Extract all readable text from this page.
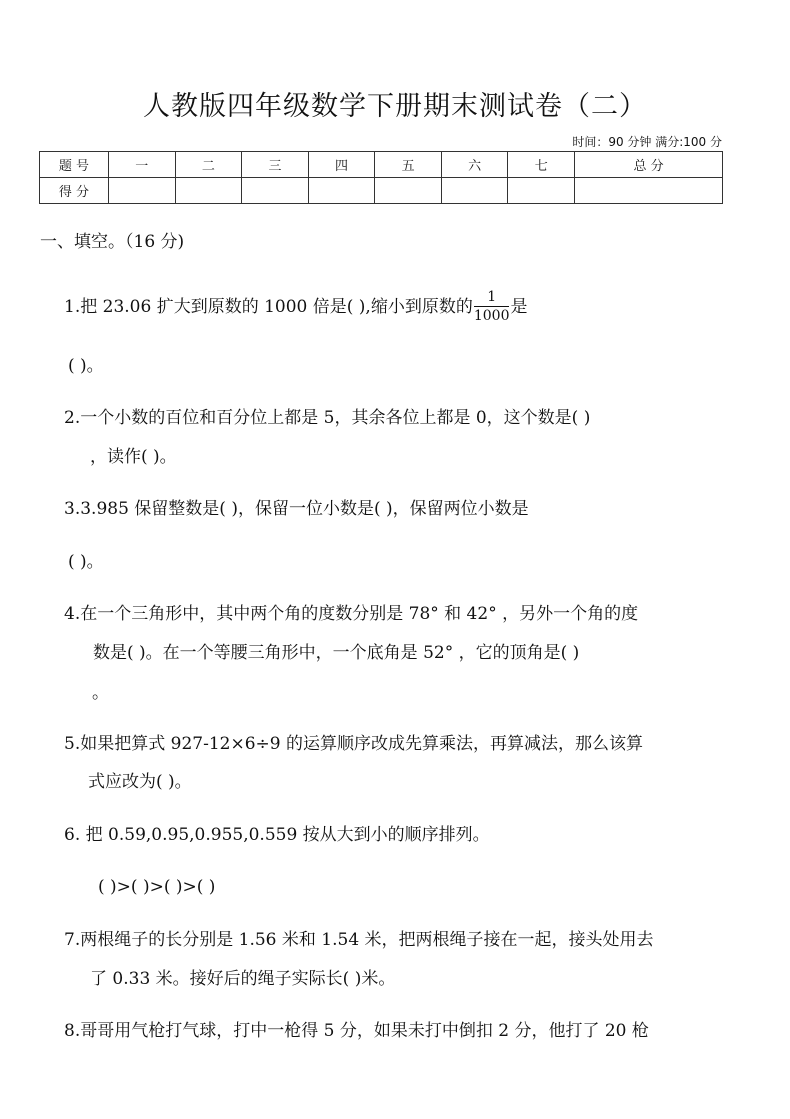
人教版四年级数学下册期末测试卷（二）
时间：90 分钟 满分:100 分
题 号	一	二	三	四	五	六	七	总 分
得 分								
一、填空。（16 分)
1.把 23.06 扩大到原数的 1000 倍是( ),缩小到原数的 $\frac{1}{1000}$ 是
( )。
2.一个小数的百位和百分位上都是 5，其余各位上都是 0，这个数是( )
，读作( )。
3.3.985 保留整数是( )，保留一位小数是( )，保留两位小数是
( )。
4.在一个三角形中，其中两个角的度数分别是 78° 和 42° ，另外一个角的度
数是( )。在一个等腰三角形中，一个底角是 52° ，它的顶角是( )
。
5.如果把算式 927-12×6÷9 的运算顺序改成先算乘法，再算减法，那么该算
式应改为( )。
6. 把 0.59,0.95,0.955,0.559 按从大到小的顺序排列。
( )>( )>( )>( )
7.两根绳子的长分别是 1.56 米和 1.54 米，把两根绳子接在一起，接头处用去
了 0.33 米。接好后的绳子实际长( )米。
8.哥哥用气枪打气球，打中一枪得 5 分，如果未打中倒扣 2 分，他打了 20 枪
